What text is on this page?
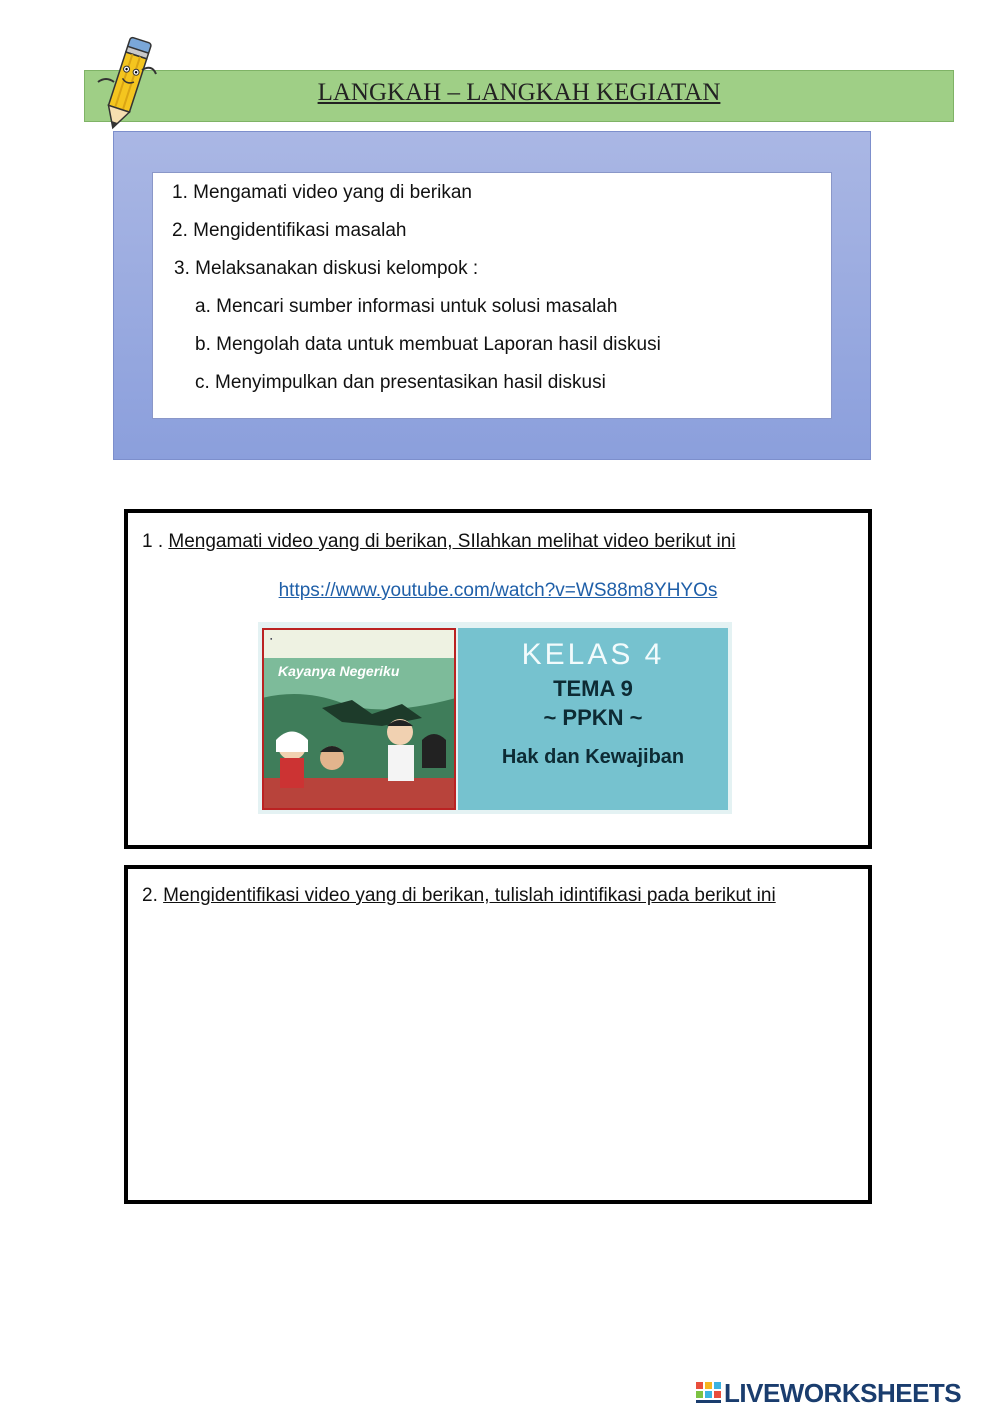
LANGKAH – LANGKAH KEGIATAN
1. Mengamati video yang di berikan
2. Mengidentifikasi masalah
3. Melaksanakan diskusi kelompok :
a. Mencari sumber informasi untuk solusi masalah
b. Mengolah data untuk membuat Laporan hasil diskusi
c. Menyimpulkan dan presentasikan hasil diskusi
1 . Mengamati video yang di berikan, SIlahkan melihat video berikut ini
https://www.youtube.com/watch?v=WS88m8YHYOs
●
Kayanya Negeriku	KELAS 4
TEMA 9
~ PPKN ~
Hak dan Kewajiban
2. Mengidentifikasi video yang di berikan, tulislah idintifikasi pada berikut ini
LIVEWORKSHEETS
